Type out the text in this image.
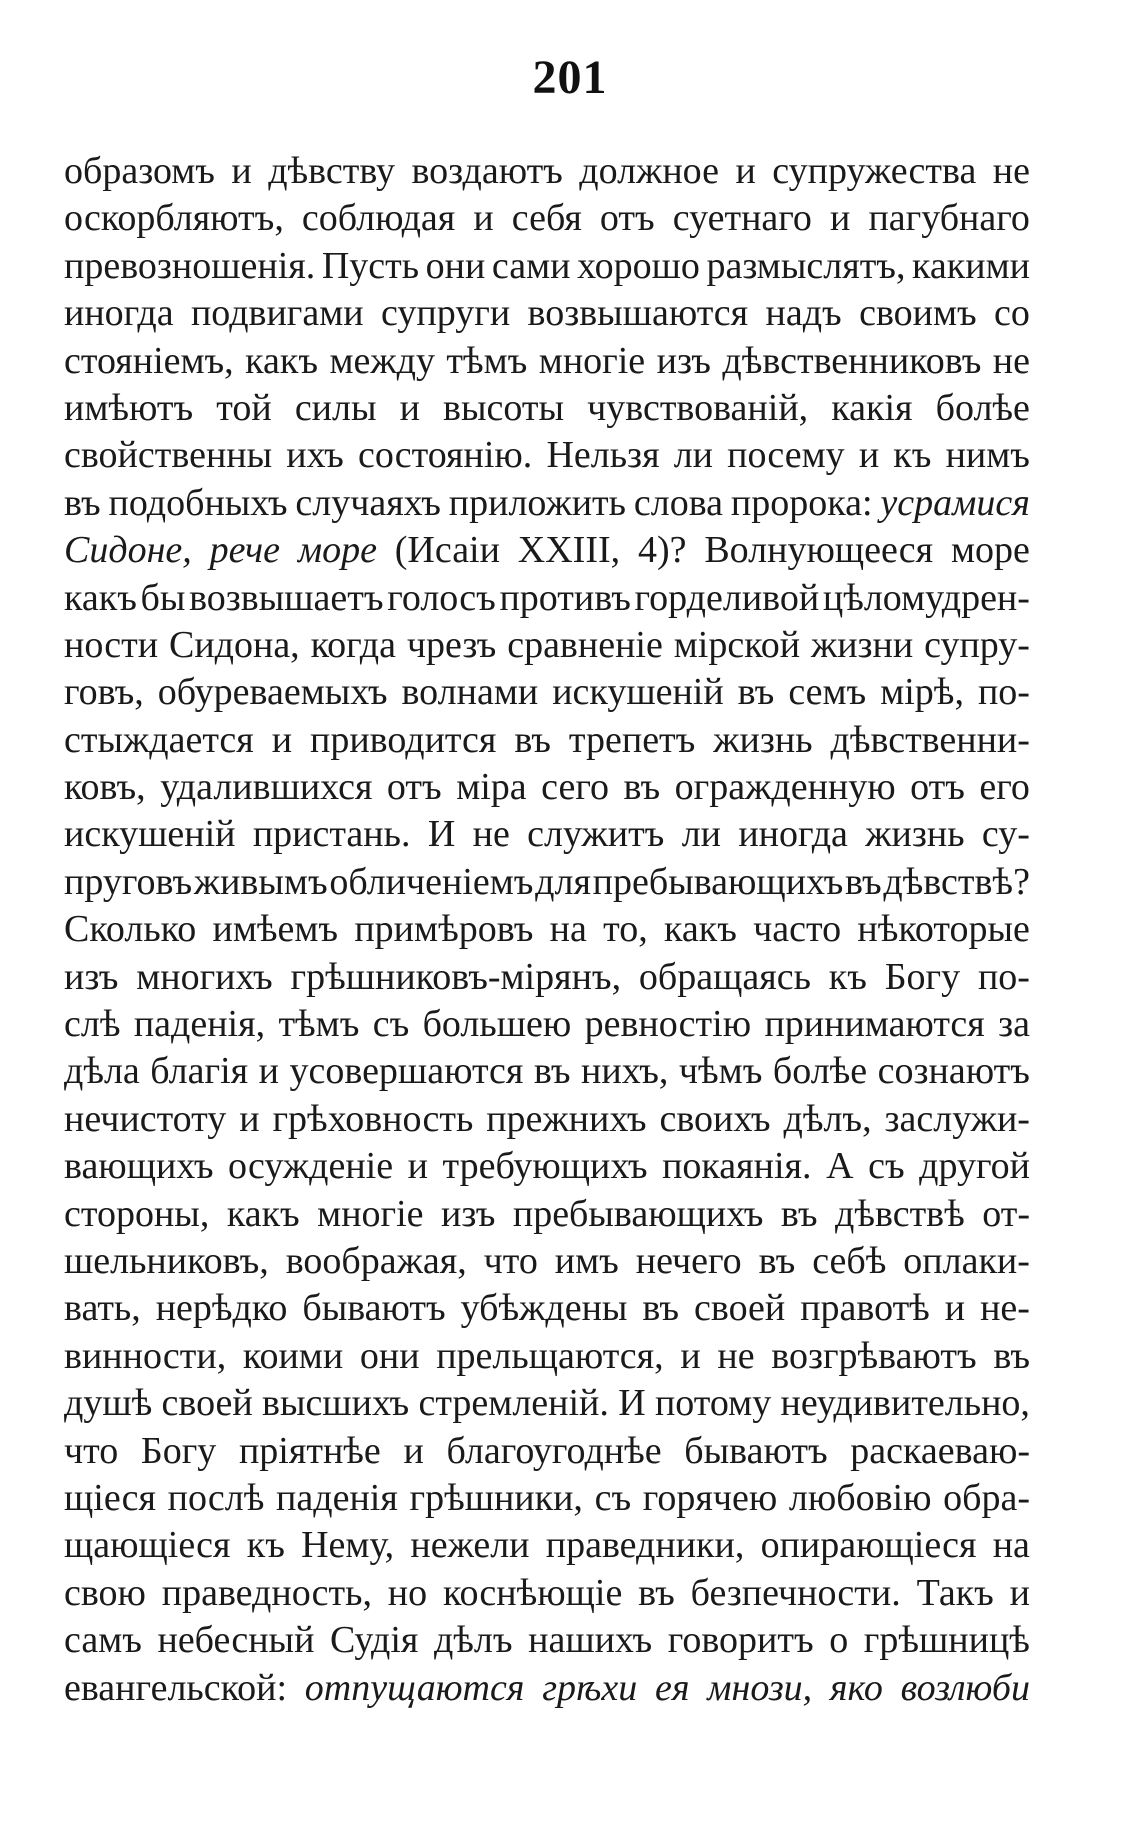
201
образомъ и дѣвству воздаютъ должное и супружества не
оскорбляютъ, соблюдая и себя отъ суетнаго и пагубнаго
превозношенія. Пусть они сами хорошо размыслятъ, какими
иногда подвигами супруги возвышаются надъ своимъ со
стояніемъ, какъ между тѣмъ многіе изъ дѣвственниковъ не
имѣютъ той силы и высоты чувствованій, какія болѣе
свойственны ихъ состоянію. Нельзя ли посему и къ нимъ
въ подобныхъ случаяхъ приложить слова пророка: усрамися
Сидоне, рече море (Исаіи XXIII, 4)? Волнующееся море
какъ бы возвышаетъ голосъ противъ горделивой цѣломудрен-
ности Сидона, когда чрезъ сравненіе мірской жизни супру-
говъ, обуреваемыхъ волнами искушеній въ семъ мірѣ, по-
стыждается и приводится въ трепетъ жизнь дѣвственни-
ковъ, удалившихся отъ міра сего въ огражденную отъ его
искушеній пристань. И не служитъ ли иногда жизнь су-
пруговъ живымъ обличеніемъ для пребывающихъ въ дѣвствѣ?
Сколько имѣемъ примѣровъ на то, какъ часто нѣкоторые
изъ многихъ грѣшниковъ-мірянъ, обращаясь къ Богу по-
слѣ паденія, тѣмъ съ большею ревностію принимаются за
дѣла благія и усовершаются въ нихъ, чѣмъ болѣе сознаютъ
нечистоту и грѣховность прежнихъ своихъ дѣлъ, заслужи-
вающихъ осужденіе и требующихъ покаянія. А съ другой
стороны, какъ многіе изъ пребывающихъ въ дѣвствѣ от-
шельниковъ, воображая, что имъ нечего въ себѣ оплаки-
вать, нерѣдко бываютъ убѣждены въ своей правотѣ и не-
винности, коими они прельщаются, и не возгрѣваютъ въ
душѣ своей высшихъ стремленій. И потому неудивительно,
что Богу пріятнѣе и благоугоднѣе бываютъ раскаеваю-
щіеся послѣ паденія грѣшники, съ горячею любовію обра-
щающіеся къ Нему, нежели праведники, опирающіеся на
свою праведность, но коснѣющіе въ безпечности. Такъ и
самъ небесный Судія дѣлъ нашихъ говоритъ о грѣшницѣ
евангельской: отпущаются грѣхи ея мнози, яко возлюби
